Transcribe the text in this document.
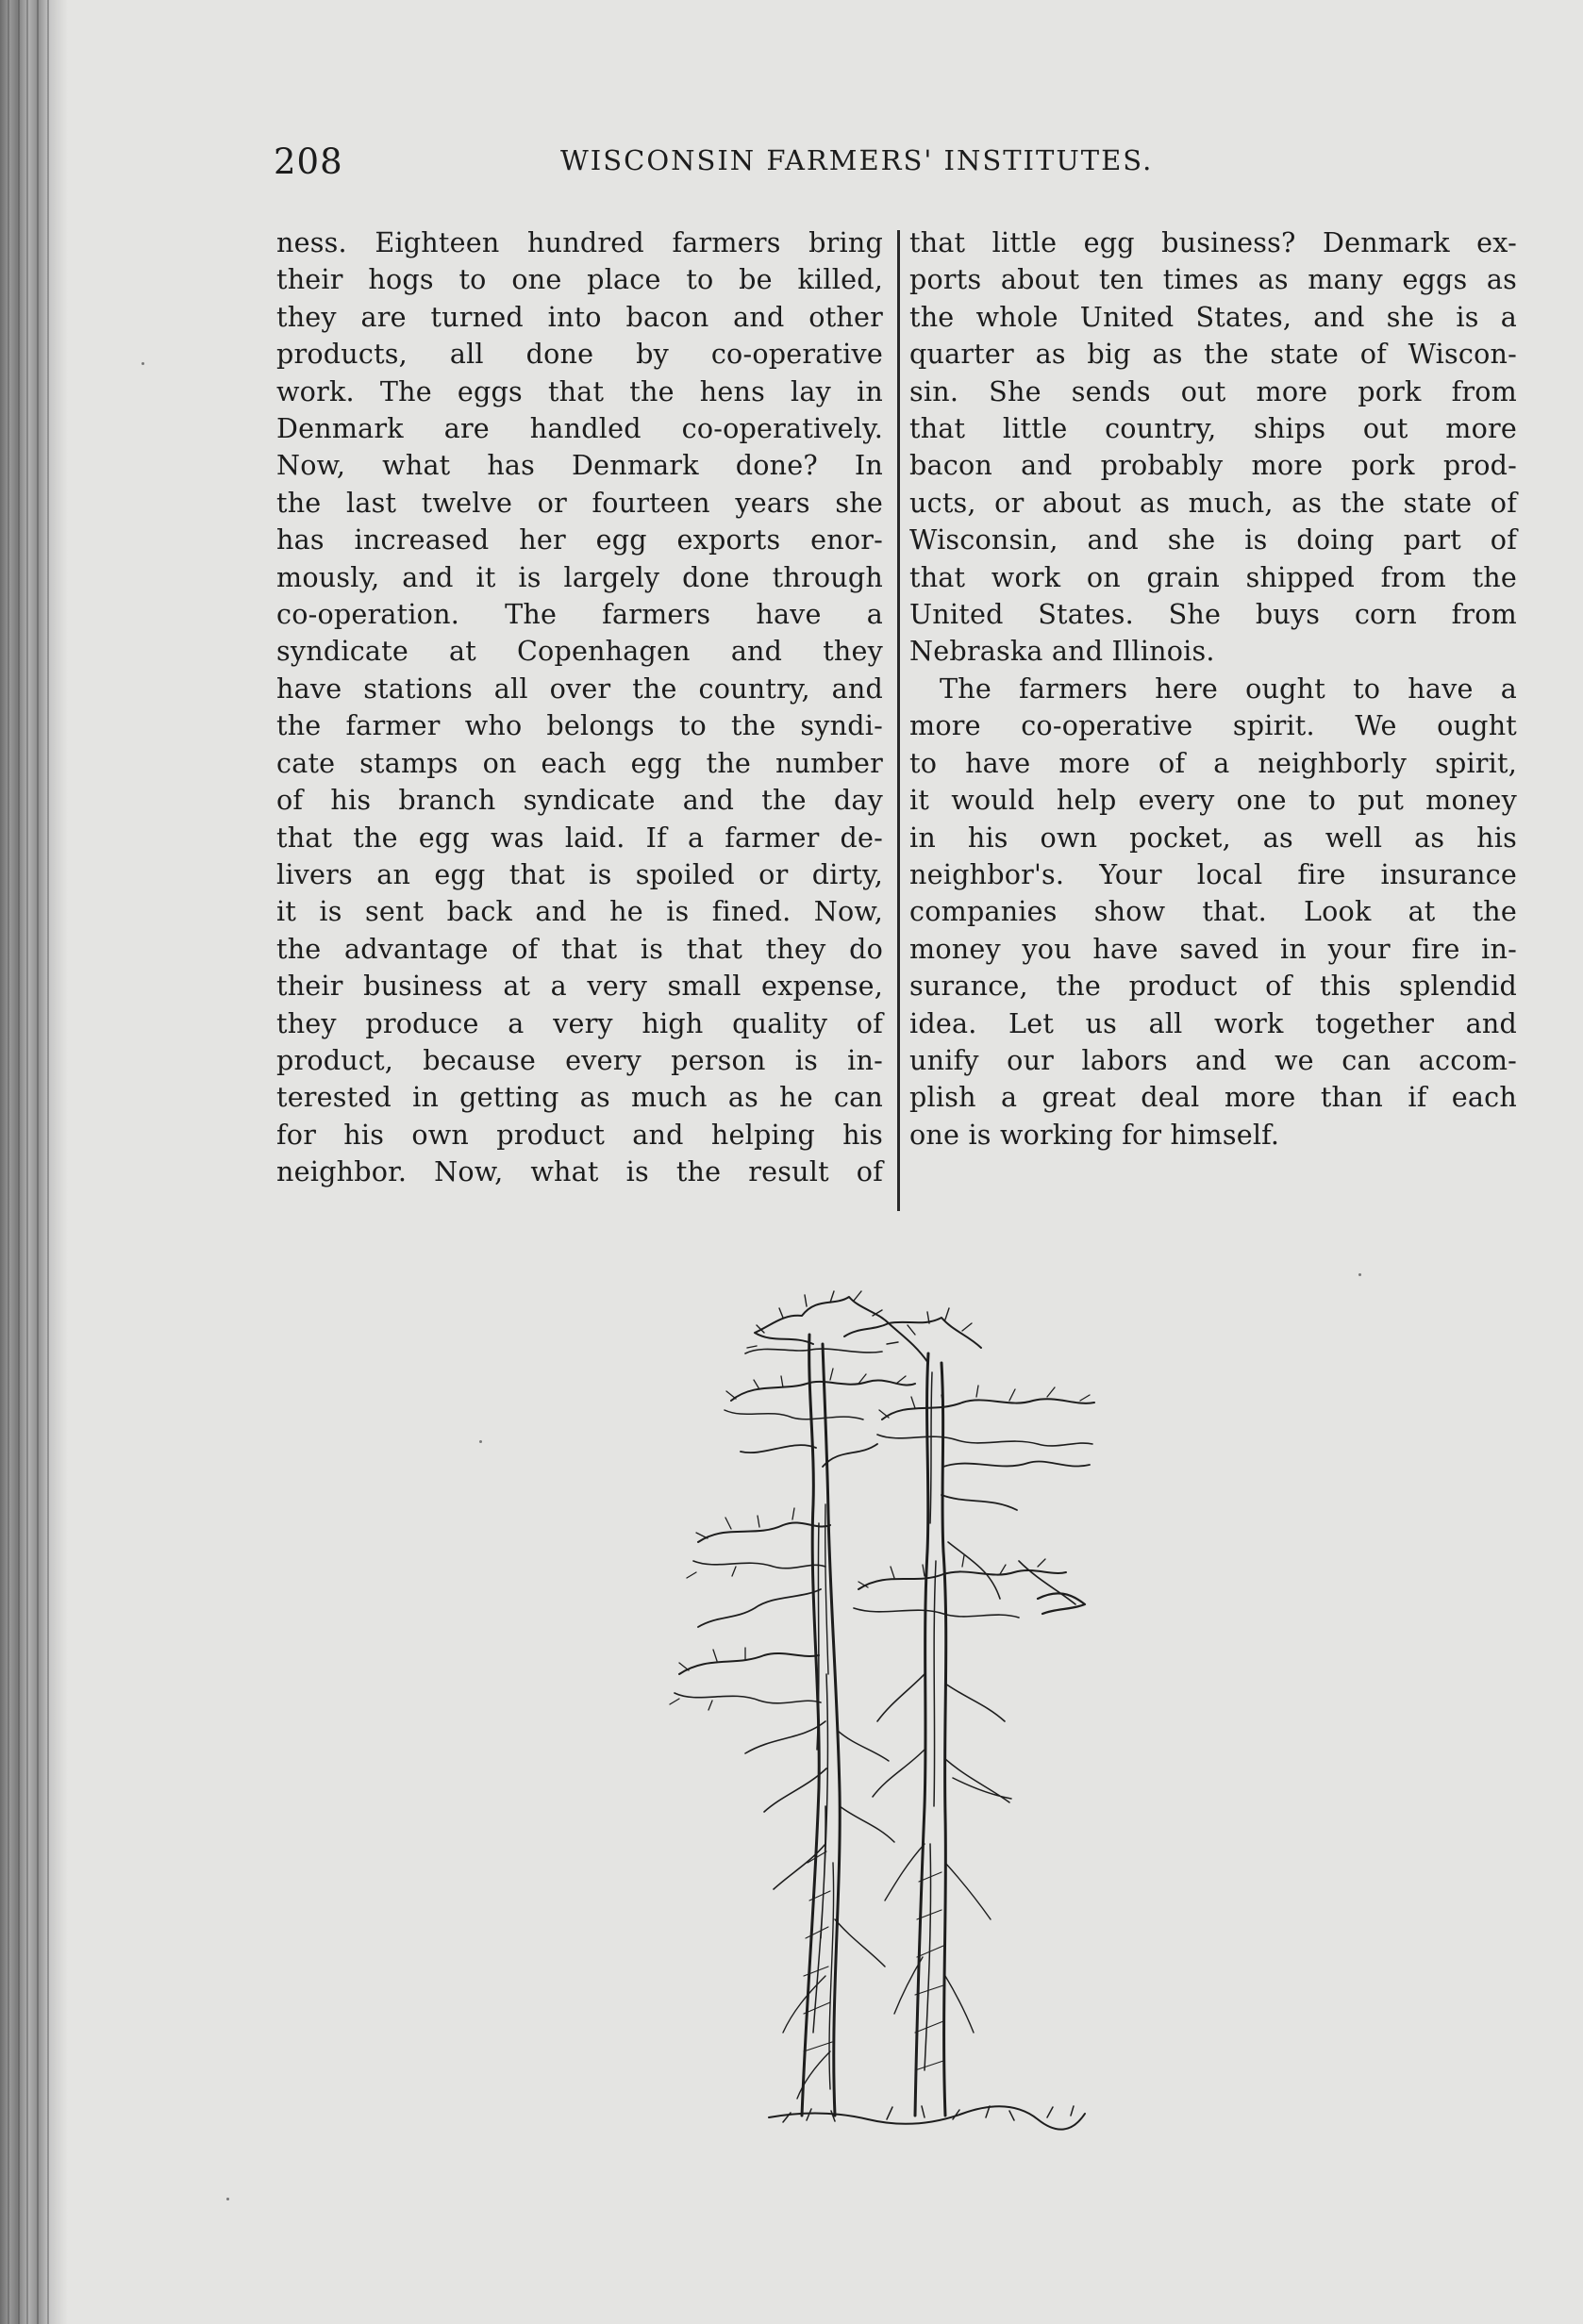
208	WISCONSIN FARMERS' INSTITUTES.
ness. Eighteen hundred farmers bring
their hogs to one place to be killed,
they are turned into bacon and other
products, all done by co-operative
work. The eggs that the hens lay in
Denmark are handled co-operatively.
Now, what has Denmark done? In
the last twelve or fourteen years she
has increased her egg exports enor-
mously, and it is largely done through
co-operation. The farmers have a
syndicate at Copenhagen and they
have stations all over the country, and
the farmer who belongs to the syndi-
cate stamps on each egg the number
of his branch syndicate and the day
that the egg was laid. If a farmer de-
livers an egg that is spoiled or dirty,
it is sent back and he is fined. Now,
the advantage of that is that they do
their business at a very small expense,
they produce a very high quality of
product, because every person is in-
terested in getting as much as he can
for his own product and helping his
neighbor. Now, what is the result of
that little egg business? Denmark ex-
ports about ten times as many eggs as
the whole United States, and she is a
quarter as big as the state of Wiscon-
sin. She sends out more pork from
that little country, ships out more
bacon and probably more pork prod-
ucts, or about as much, as the state of
Wisconsin, and she is doing part of
that work on grain shipped from the
United States. She buys corn from
Nebraska and Illinois.
The farmers here ought to have a
more co-operative spirit. We ought
to have more of a neighborly spirit,
it would help every one to put money
in his own pocket, as well as his
neighbor's. Your local fire insurance
companies show that. Look at the
money you have saved in your fire in-
surance, the product of this splendid
idea. Let us all work together and
unify our labors and we can accom-
plish a great deal more than if each
one is working for himself.
